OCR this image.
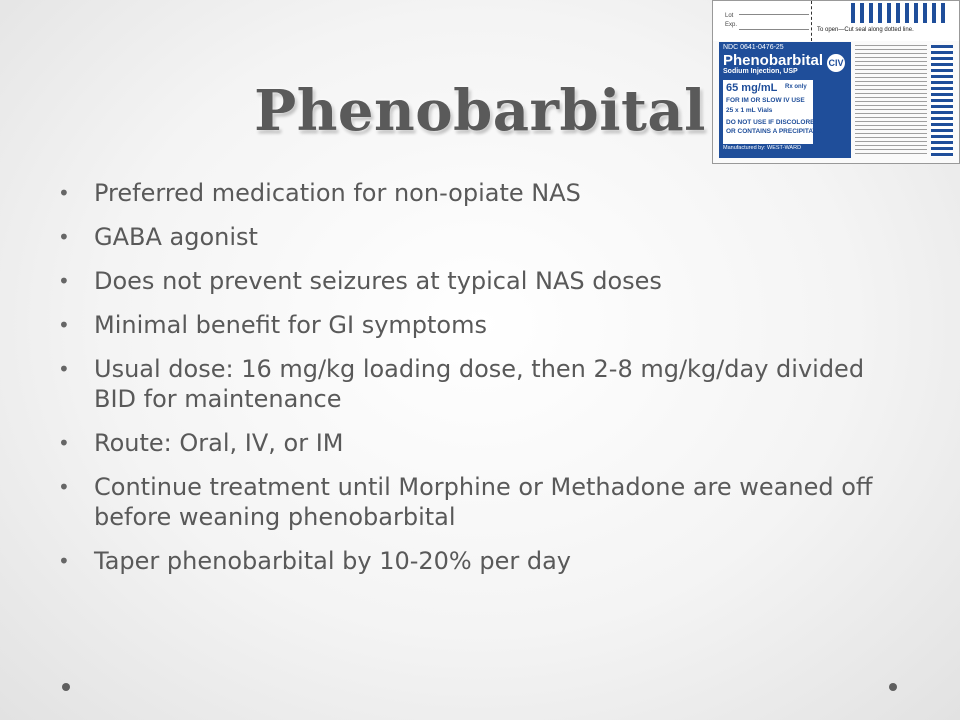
Phenobarbital
• Preferred medication for non-opiate NAS
• GABA agonist
• Does not prevent seizures at typical NAS doses
• Minimal benefit for GI symptoms
• Usual dose: 16 mg/kg loading dose, then 2-8 mg/kg/day divided BID for maintenance
• Route: Oral, IV, or IM
• Continue treatment until Morphine or Methadone are weaned off before weaning phenobarbital
• Taper phenobarbital by 10-20% per day
Lot
Exp.
To open—Cut seal along dotted line.
NDC 0641-0476-25
Phenobarbital
Sodium Injection, USP
CIV
65 mg/mL Rx only
FOR IM OR SLOW IV USE
25 x 1 mL Vials
DO NOT USE IF DISCOLORED
OR CONTAINS A PRECIPITATE
Manufactured by: WEST-WARD
